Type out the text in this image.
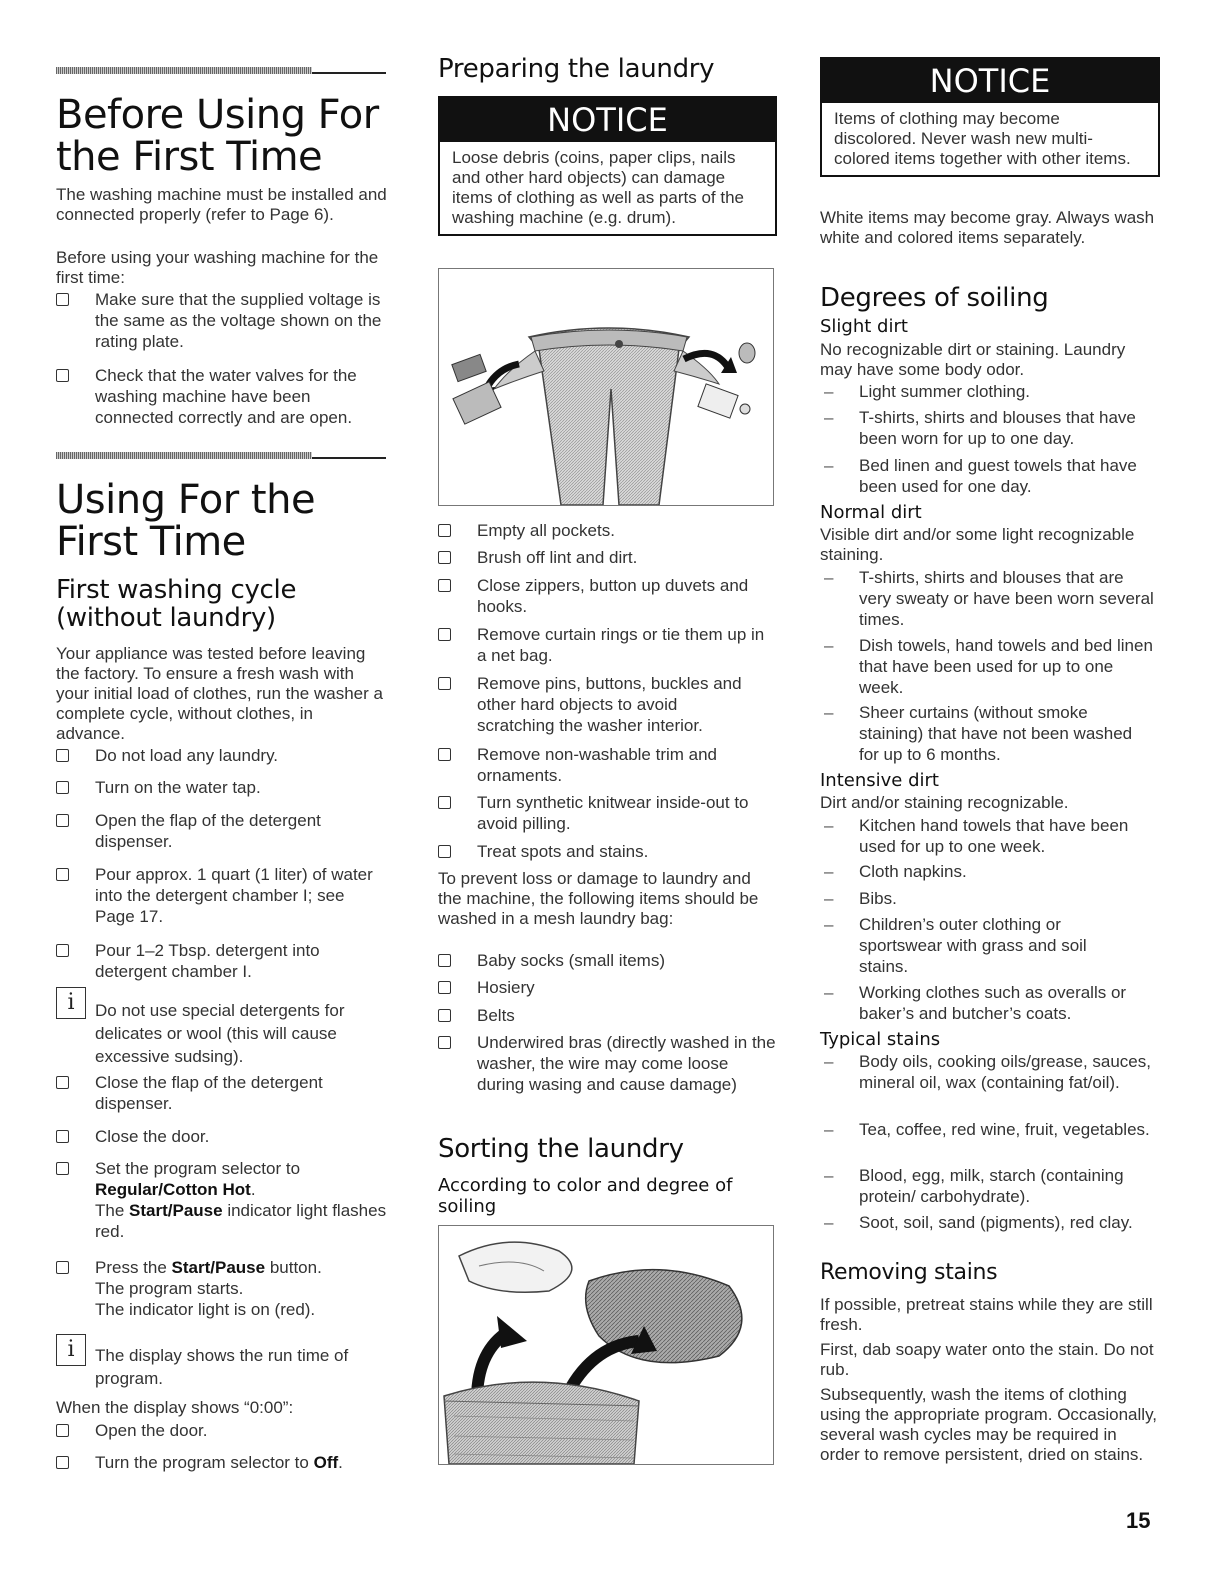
Before Using For the First Time

The washing machine must be installed and connected properly (refer to Page 6).

Before using your washing machine for the first time:

Make sure that the supplied voltage is the same as the voltage shown on the rating plate.
Check that the water valves for the washing machine have been connected correctly and are open.
Using For the First Time
First washing cycle (without laundry)

Your appliance was tested before leaving the factory. To ensure a fresh wash with your initial load of clothes, run the washer a complete cycle, without clothes, in advance.

Do not load any laundry.
Turn on the water tap.
Open the flap of the detergent dispenser.
Pour approx. 1 quart (1 liter) of water into the detergent chamber I; see Page 17.
Pour 1–2 Tbsp. detergent into detergent chamber I.
i	Do not use special detergents for delicates or wool (this will cause excessive sudsing).
Close the flap of the detergent dispenser.
Close the door.
Set the program selector to
Regular/Cotton Hot.
The Start/Pause indicator light flashes red.
Press the Start/Pause button.
The program starts.
The indicator light is on (red).
i	The display shows the run time of program.

When the display shows “0:00”:

Open the door.
Turn the program selector to Off.
Preparing the laundry
NOTICE
Loose debris (coins, paper clips, nails and other hard objects) can damage items of clothing as well as parts of the washing machine (e.g. drum).
Empty all pockets.
Brush off lint and dirt.
Close zippers, button up duvets and hooks.
Remove curtain rings or tie them up in a net bag.
Remove pins, buttons, buckles and other hard objects to avoid scratching the washer interior.
Remove non-washable trim and ornaments.
Turn synthetic knitwear inside-out to avoid pilling.
Treat spots and stains.

To prevent loss or damage to laundry and the machine, the following items should be washed in a mesh laundry bag:

Baby socks (small items)
Hosiery
Belts
Underwired bras (directly washed in the washer, the wire may come loose during wasing and cause damage)
Sorting the laundry
According to color and degree of soiling
NOTICE
Items of clothing may become discolored. Never wash new multi-colored items together with other items.

White items may become gray. Always wash white and colored items separately.

Degrees of soiling
Slight dirt

No recognizable dirt or staining. Laundry may have some body odor.

– Light summer clothing.
– T-shirts, shirts and blouses that have been worn for up to one day.
– Bed linen and guest towels that have been used for one day.
Normal dirt

Visible dirt and/or some light recognizable staining.

– T-shirts, shirts and blouses that are very sweaty or have been worn several times.
– Dish towels, hand towels and bed linen that have been used for up to one week.
– Sheer curtains (without smoke staining) that have not been washed for up to 6 months.
Intensive dirt

Dirt and/or staining recognizable.

– Kitchen hand towels that have been used for up to one week.
– Cloth napkins.
– Bibs.
– Children’s outer clothing or sportswear with grass and soil stains.
– Working clothes such as overalls or baker’s and butcher’s coats.
Typical stains
– Body oils, cooking oils/grease, sauces, mineral oil, wax (containing fat/oil).
– Tea, coffee, red wine, fruit, vegetables.
– Blood, egg, milk, starch (containing protein/ carbohydrate).
– Soot, soil, sand (pigments), red clay.
Removing stains

If possible, pretreat stains while they are still fresh.

First, dab soapy water onto the stain. Do not rub.

Subsequently, wash the items of clothing using the appropriate program. Occasionally, several wash cycles may be required in order to remove persistent, dried on stains.

15
